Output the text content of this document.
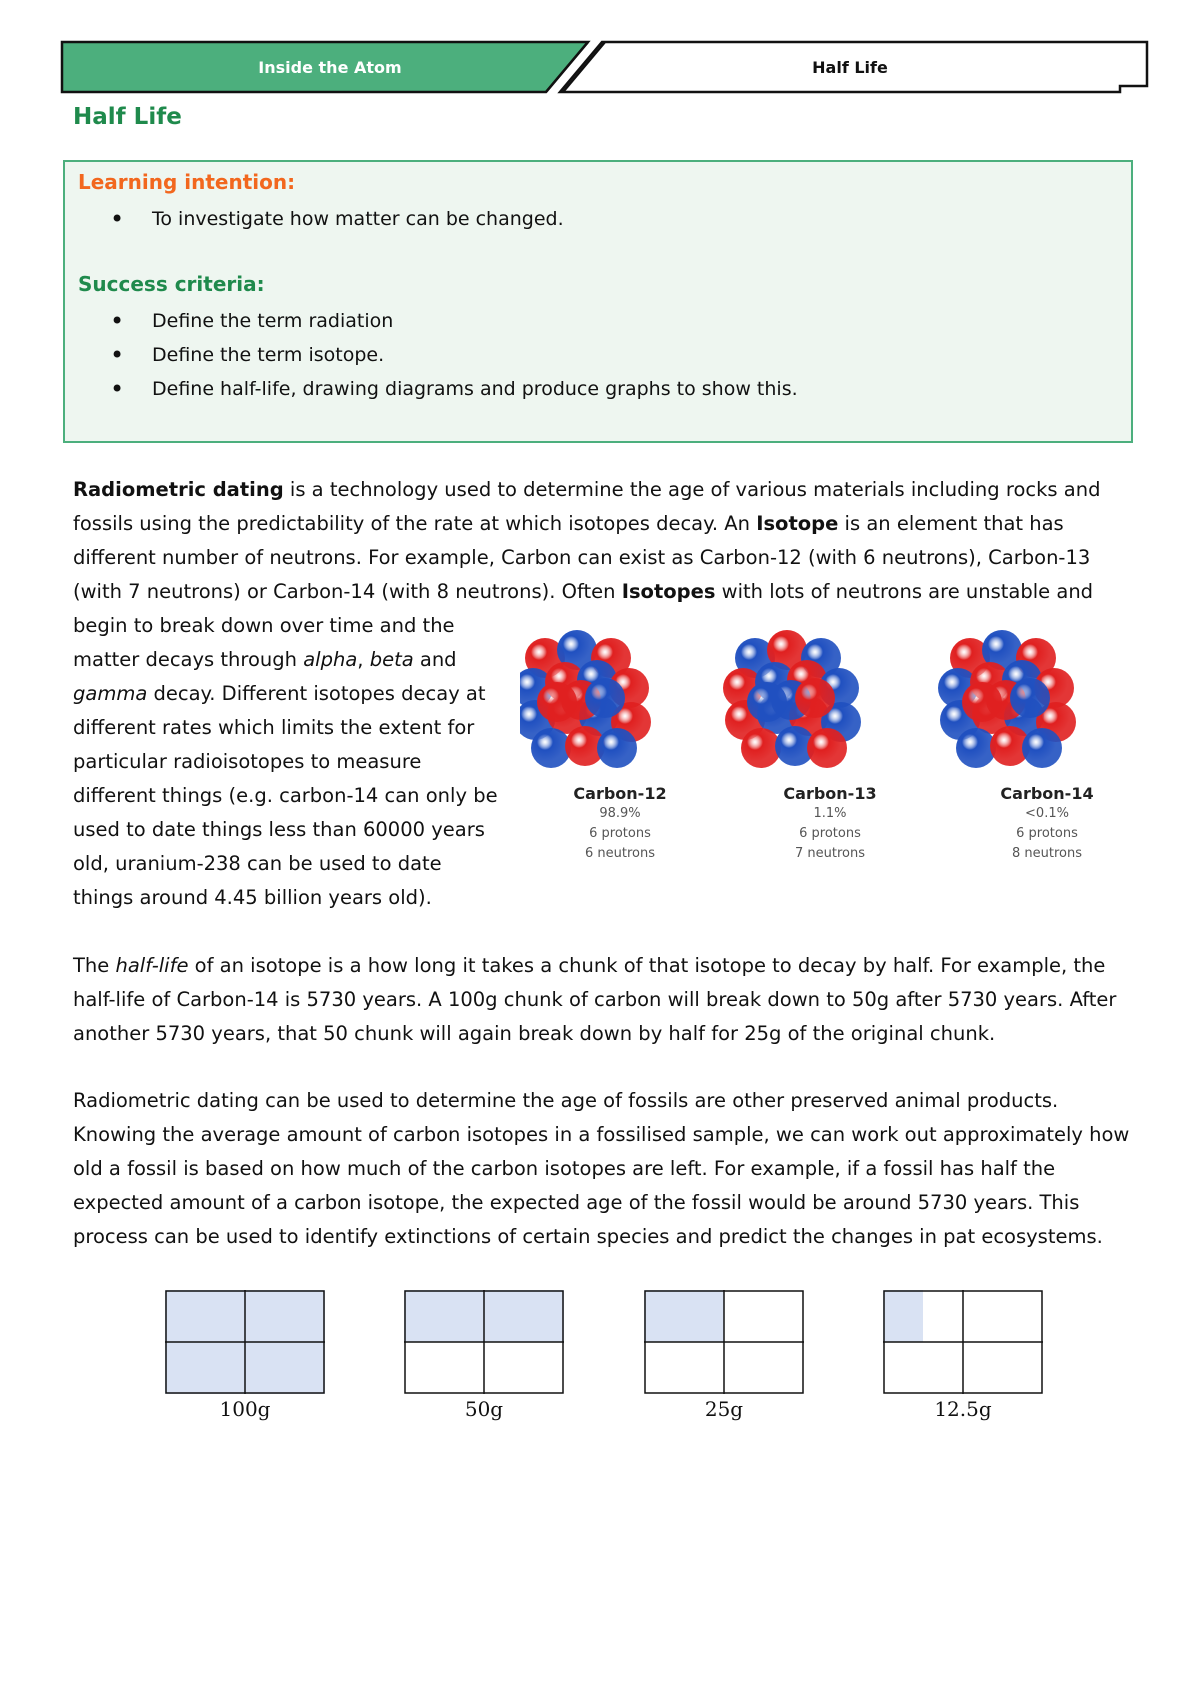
Inside the Atom	Half Life
Half Life

Learning intention:

• To investigate how matter can be changed.

Success criteria:

• Define the term radiation
• Define the term isotope.
• Define half-life, drawing diagrams and produce graphs to show this.
Radiometric dating is a technology used to determine the age of various materials including rocks and fossils using the predictability of the rate at which isotopes decay. An Isotope is an element that has different number of neutrons. For example, Carbon can exist as Carbon-12 (with 6 neutrons), Carbon-13 (with 7 neutrons) or Carbon-14 (with 8 neutrons). Often Isotopes with lots of neutrons are unstable and
begin to break down over time and the matter decays through alpha, beta and gamma decay. Different isotopes decay at different rates which limits the extent for particular radioisotopes to measure different things (e.g. carbon-14 can only be used to date things less than 60000 years old, uranium-238 can be used to date things around 4.45 billion years old).
Carbon-12
98.9%
6 protons
6 neutrons
Carbon-13
1.1%
6 protons
7 neutrons
Carbon-14
<0.1%
6 protons
8 neutrons

The half-life of an isotope is a how long it takes a chunk of that isotope to decay by half. For example, the half-life of Carbon-14 is 5730 years. A 100g chunk of carbon will break down to 50g after 5730 years. After another 5730 years, that 50 chunk will again break down by half for 25g of the original chunk.

Radiometric dating can be used to determine the age of fossils are other preserved animal products. Knowing the average amount of carbon isotopes in a fossilised sample, we can work out approximately how old a fossil is based on how much of the carbon isotopes are left. For example, if a fossil has half the expected amount of a carbon isotope, the expected age of the fossil would be around 5730 years. This process can be used to identify extinctions of certain species and predict the changes in pat ecosystems.

100g	50g	25g	12.5g
